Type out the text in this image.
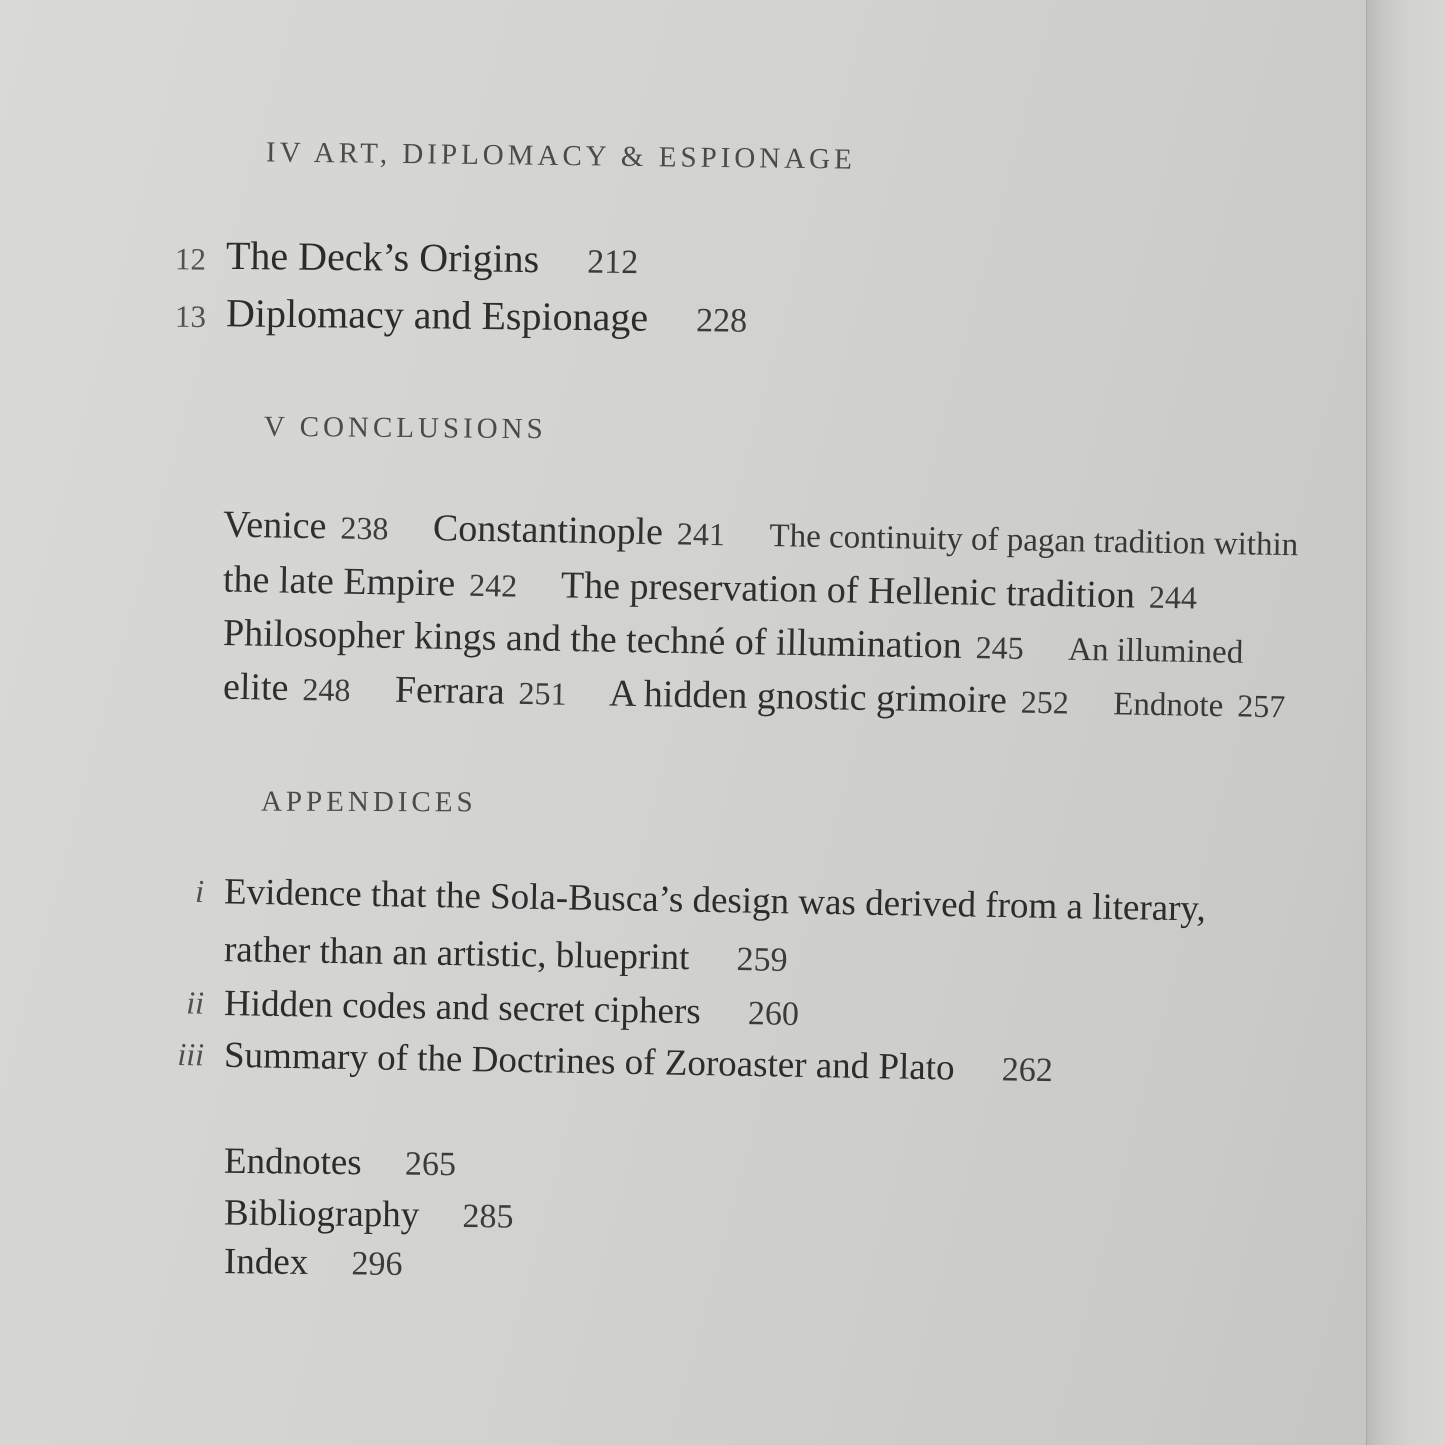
IV ART, DIPLOMACY & ESPIONAGE
12 The Deck’s Origins 212
13 Diplomacy and Espionage 228
V CONCLUSIONS
Venice 238 Constantinople 241 The continuity of pagan tradition within
the late Empire 242 The preservation of Hellenic tradition 244
Philosopher kings and the techné of illumination 245 An illumined
elite 248 Ferrara 251 A hidden gnostic grimoire 252 Endnote 257
APPENDICES
i Evidence that the Sola-Busca’s design was derived from a literary,
rather than an artistic, blueprint 259
ii Hidden codes and secret ciphers 260
iii Summary of the Doctrines of Zoroaster and Plato 262
Endnotes 265
Bibliography 285
Index 296
